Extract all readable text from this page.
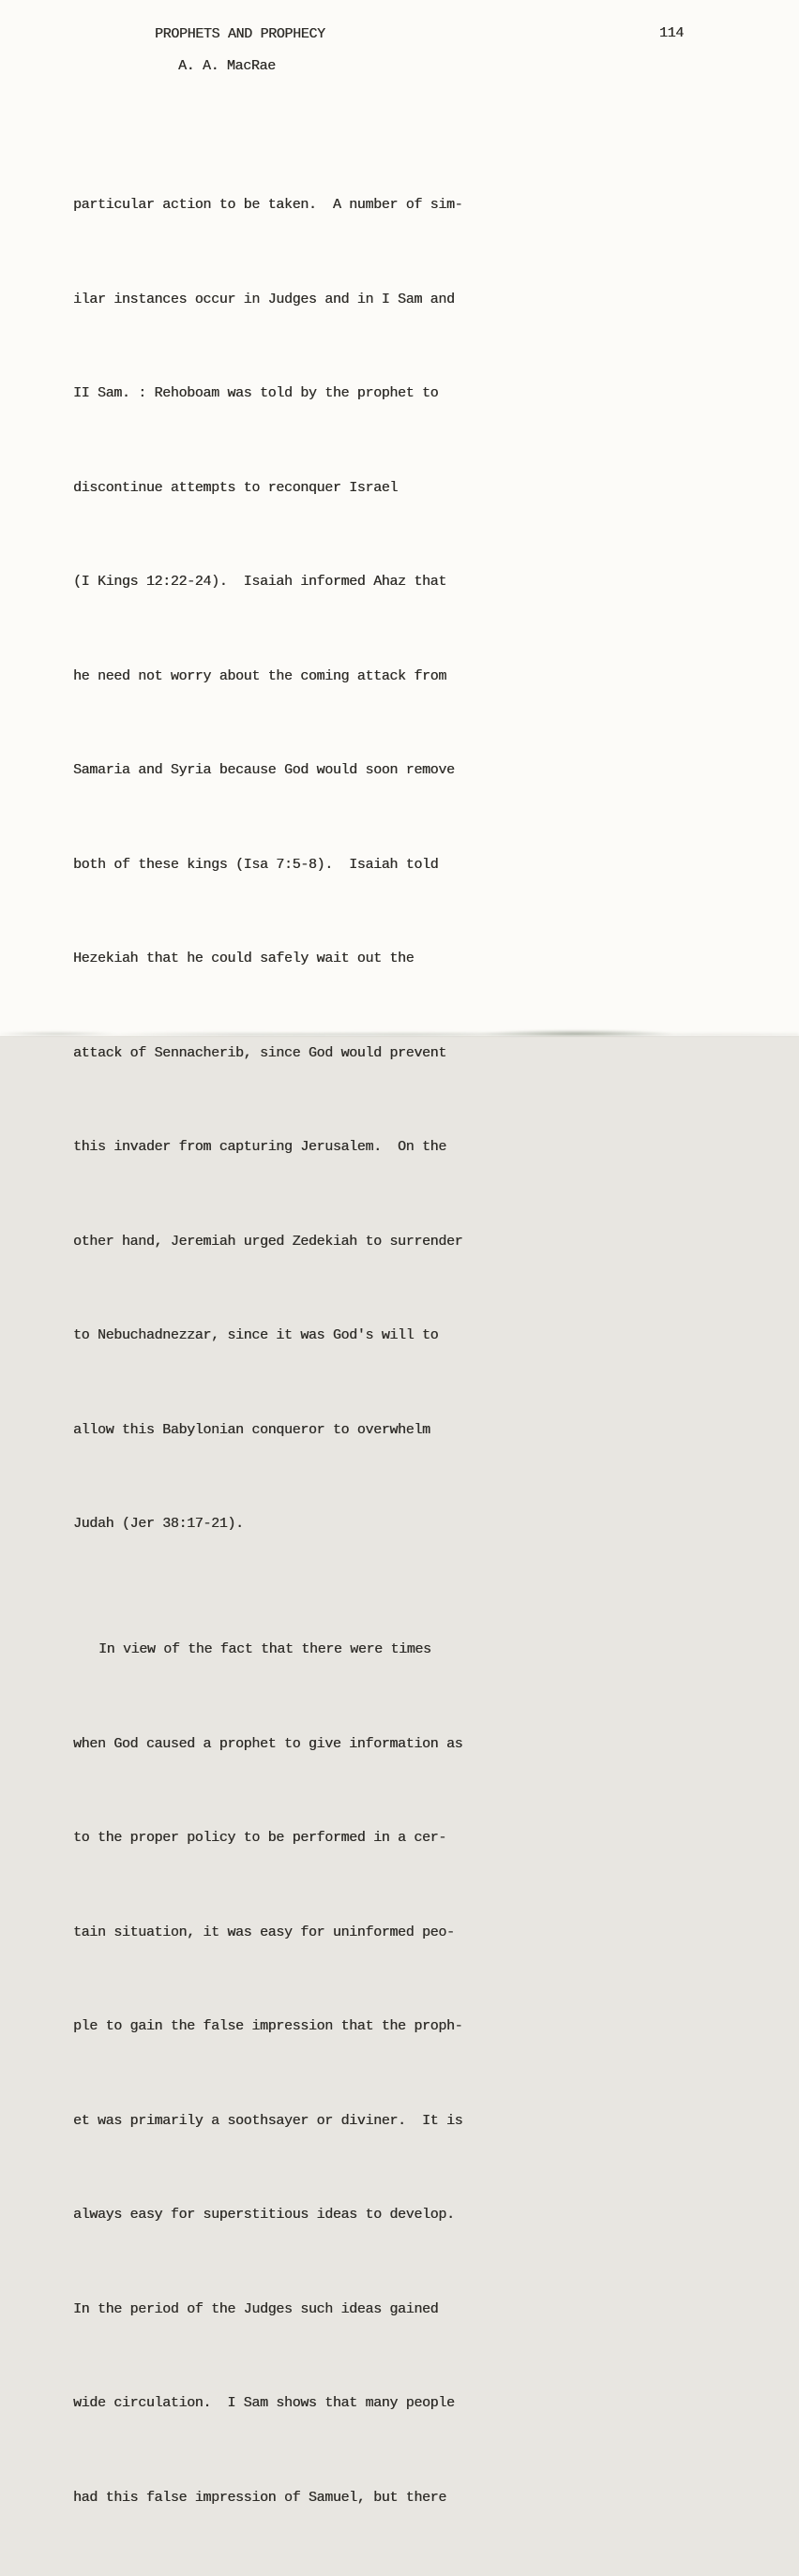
PROPHETS AND PROPHECY
A. A. MacRae
114

particular action to be taken.  A number of sim-

ilar instances occur in Judges and in I Sam and

II Sam. : Rehoboam was told by the prophet to

discontinue attempts to reconquer Israel

(I Kings 12:22-24).  Isaiah informed Ahaz that

he need not worry about the coming attack from

Samaria and Syria because God would soon remove

both of these kings (Isa 7:5-8).  Isaiah told

Hezekiah that he could safely wait out the

attack of Sennacherib, since God would prevent

this invader from capturing Jerusalem.  On the

other hand, Jeremiah urged Zedekiah to surrender

to Nebuchadnezzar, since it was God's will to

allow this Babylonian conqueror to overwhelm

Judah (Jer 38:17-21).

In view of the fact that there were times

when God caused a prophet to give information as

to the proper policy to be performed in a cer-

tain situation, it was easy for uninformed peo-

ple to gain the false impression that the proph-

et was primarily a soothsayer or diviner.  It is

always easy for superstitious ideas to develop.

In the period of the Judges such ideas gained

wide circulation.  I Sam shows that many people

had this false impression of Samuel, but there
